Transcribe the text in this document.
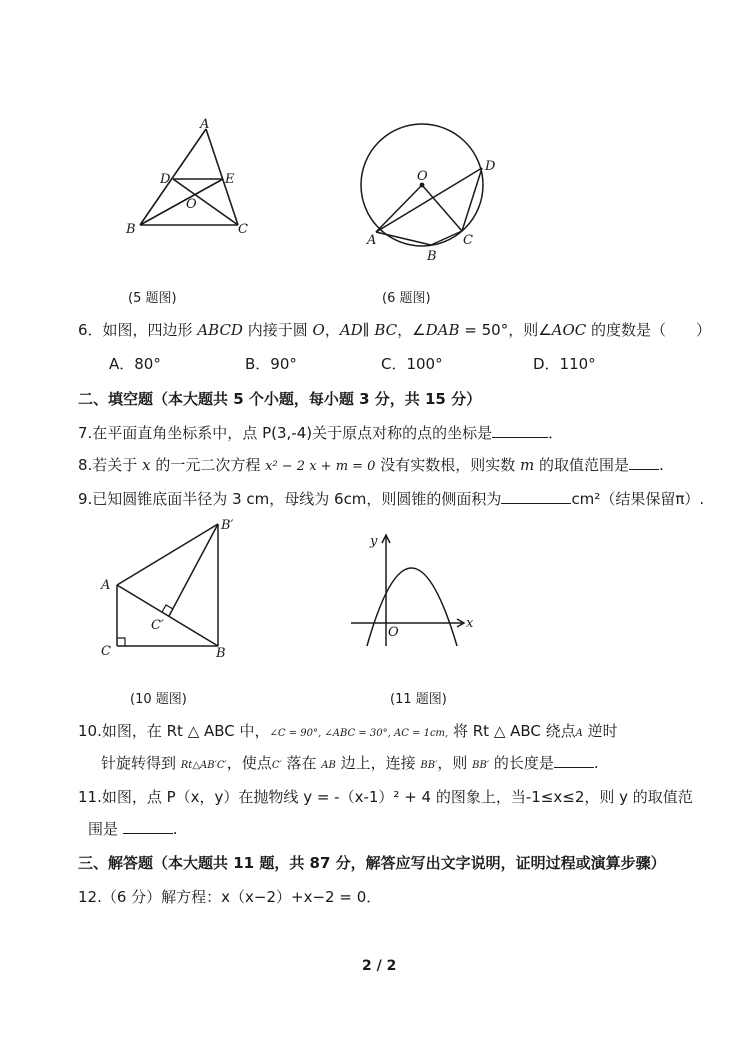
A
D	E
O
B	C
O
D
A	C
B
(5 题图)	(6 题图)
6．如图，四边形 ABCD 内接于圆 O，AD∥ BC，∠DAB = 50°，则∠AOC 的度数是（　　）
A．80°	B．90°	C．100°	D．110°
二、填空题（本大题共 5 个小题，每小题 3 分，共 15 分）
7.在平面直角坐标系中，点 P(3,-4)关于原点对称的点的坐标是	．
8.若关于 x 的一元二次方程 x² − 2 x + m = 0 没有实数根，则实数 m 的取值范围是 .
9.已知圆锥底面半径为 3 cm，母线为 6cm，则圆锥的侧面积为	cm²（结果保留π）.
B′
A
C′
C	B
y
O
x
(10 题图)	(11 题图)
10.如图，在 Rt △ ABC 中，∠C = 90°, ∠ABC = 30°, AC = 1cm, 将 Rt △ ABC 绕点A 逆时
针旋转得到 Rt△AB′C′，使点C′ 落在 AB 边上，连接 BB′，则 BB′ 的长度是	.
11.如图，点 P（x，y）在抛物线 y = -（x-1）² + 4 的图象上，当-1≤x≤2，则 y 的取值范
围是	.
三、解答题（本大题共 11 题，共 87 分，解答应写出文字说明，证明过程或演算步骤）
12.（6 分）解方程：x（x−2）+x−2 = 0．
2 / 2
